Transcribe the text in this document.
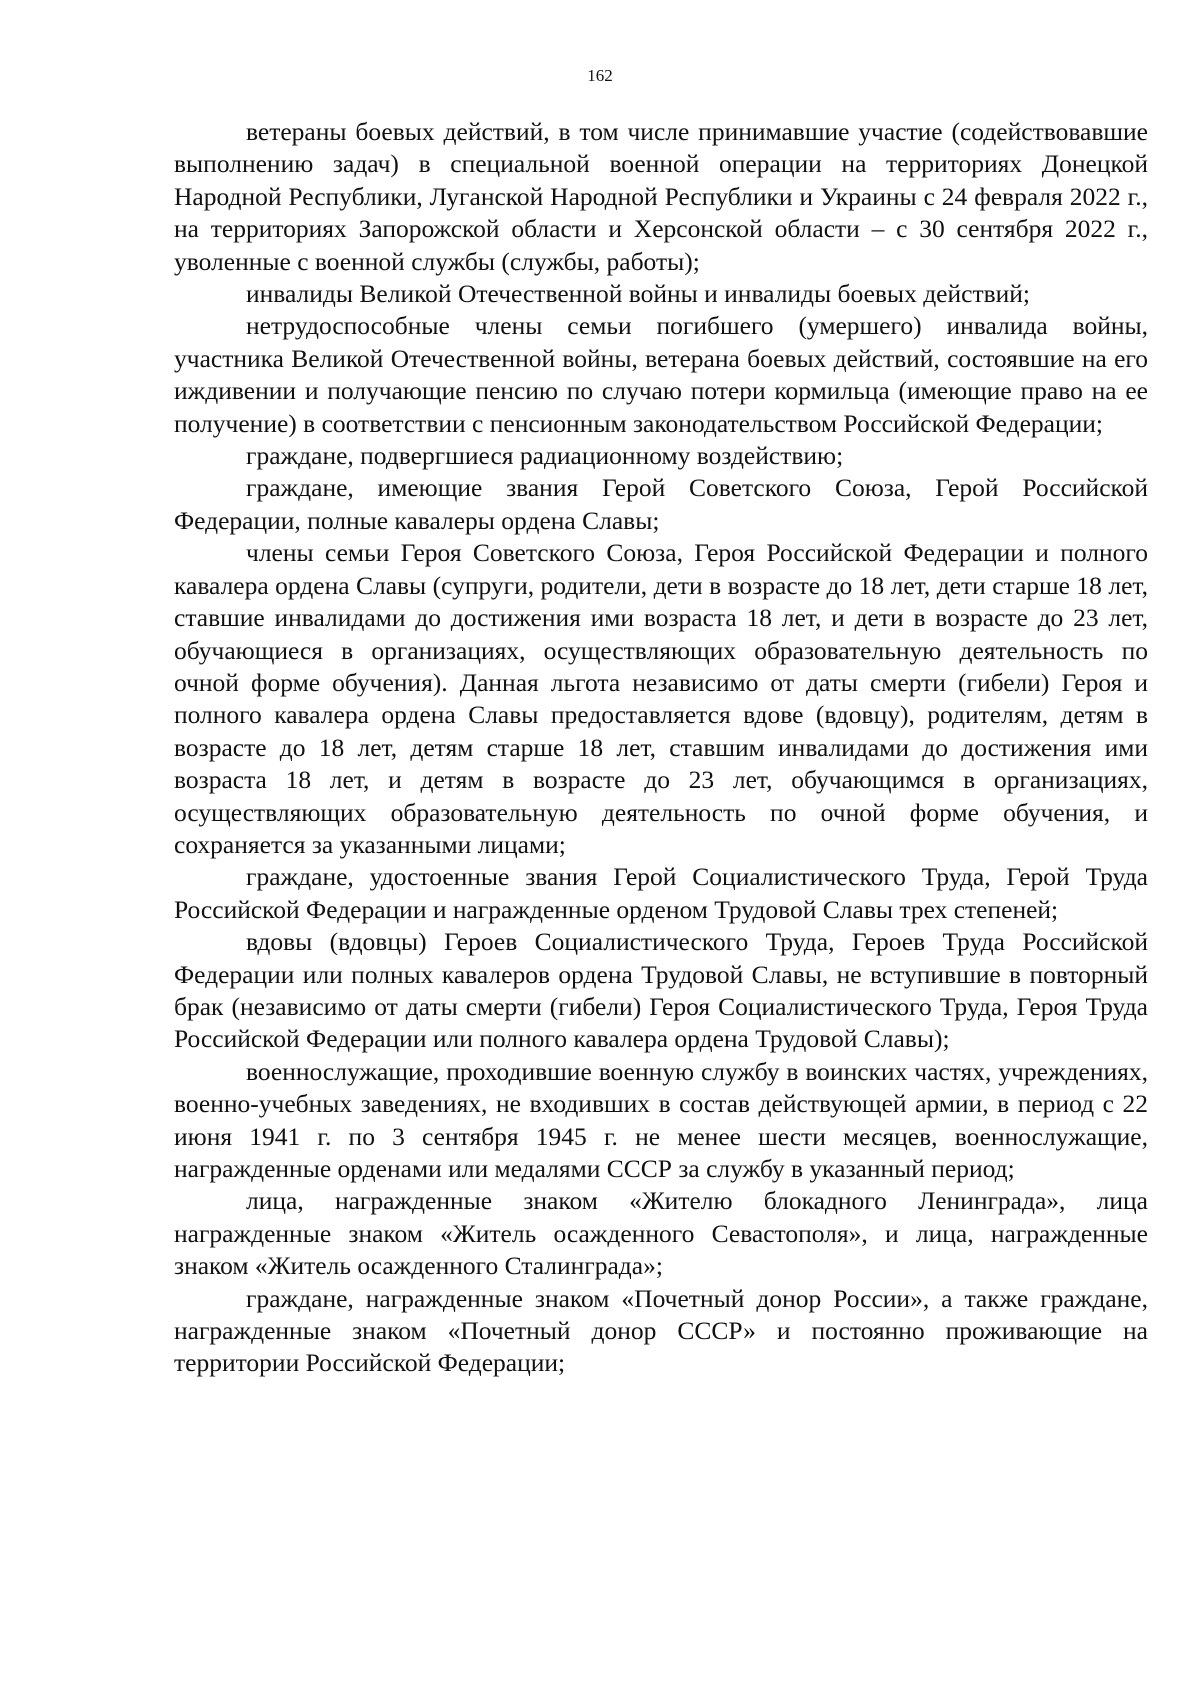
162

ветераны боевых действий, в том числе принимавшие участие (содействовавшие выполнению задач) в специальной военной операции на территориях Донецкой Народной Республики, Луганской Народной Республики и Украины с 24 февраля 2022 г., на территориях Запорожской области и Херсонской области – с 30 сентября 2022 г., уволенные с военной службы (службы, работы);

инвалиды Великой Отечественной войны и инвалиды боевых действий;

нетрудоспособные члены семьи погибшего (умершего) инвалида войны, участника Великой Отечественной войны, ветерана боевых действий, состоявшие на его иждивении и получающие пенсию по случаю потери кормильца (имеющие право на ее получение) в соответствии с пенсионным законодательством Российской Федерации;

граждане, подвергшиеся радиационному воздействию;

граждане, имеющие звания Герой Советского Союза, Герой Российской Федерации, полные кавалеры ордена Славы;

члены семьи Героя Советского Союза, Героя Российской Федерации и полного кавалера ордена Славы (супруги, родители, дети в возрасте до 18 лет, дети старше 18 лет, ставшие инвалидами до достижения ими возраста 18 лет, и дети в возрасте до 23 лет, обучающиеся в организациях, осуществляющих образовательную деятельность по очной форме обучения). Данная льгота независимо от даты смерти (гибели) Героя и полного кавалера ордена Славы предоставляется вдове (вдовцу), родителям, детям в возрасте до 18 лет, детям старше 18 лет, ставшим инвалидами до достижения ими возраста 18 лет, и детям в возрасте до 23 лет, обучающимся в организациях, осуществляющих образовательную деятельность по очной форме обучения, и сохраняется за указанными лицами;

граждане, удостоенные звания Герой Социалистического Труда, Герой Труда Российской Федерации и награжденные орденом Трудовой Славы трех степеней;

вдовы (вдовцы) Героев Социалистического Труда, Героев Труда Российской Федерации или полных кавалеров ордена Трудовой Славы, не вступившие в повторный брак (независимо от даты смерти (гибели) Героя Социалистического Труда, Героя Труда Российской Федерации или полного кавалера ордена Трудовой Славы);

военнослужащие, проходившие военную службу в воинских частях, учреждениях, военно-учебных заведениях, не входивших в состав действующей армии, в период с 22 июня 1941 г. по 3 сентября 1945 г. не менее шести месяцев, военнослужащие, награжденные орденами или медалями СССР за службу в указанный период;

лица, награжденные знаком «Жителю блокадного Ленинграда», лица награжденные знаком «Житель осажденного Севастополя», и лица, награжденные знаком «Житель осажденного Сталинграда»;

граждане, награжденные знаком «Почетный донор России», а также граждане, награжденные знаком «Почетный донор СССР» и постоянно проживающие на территории Российской Федерации;
